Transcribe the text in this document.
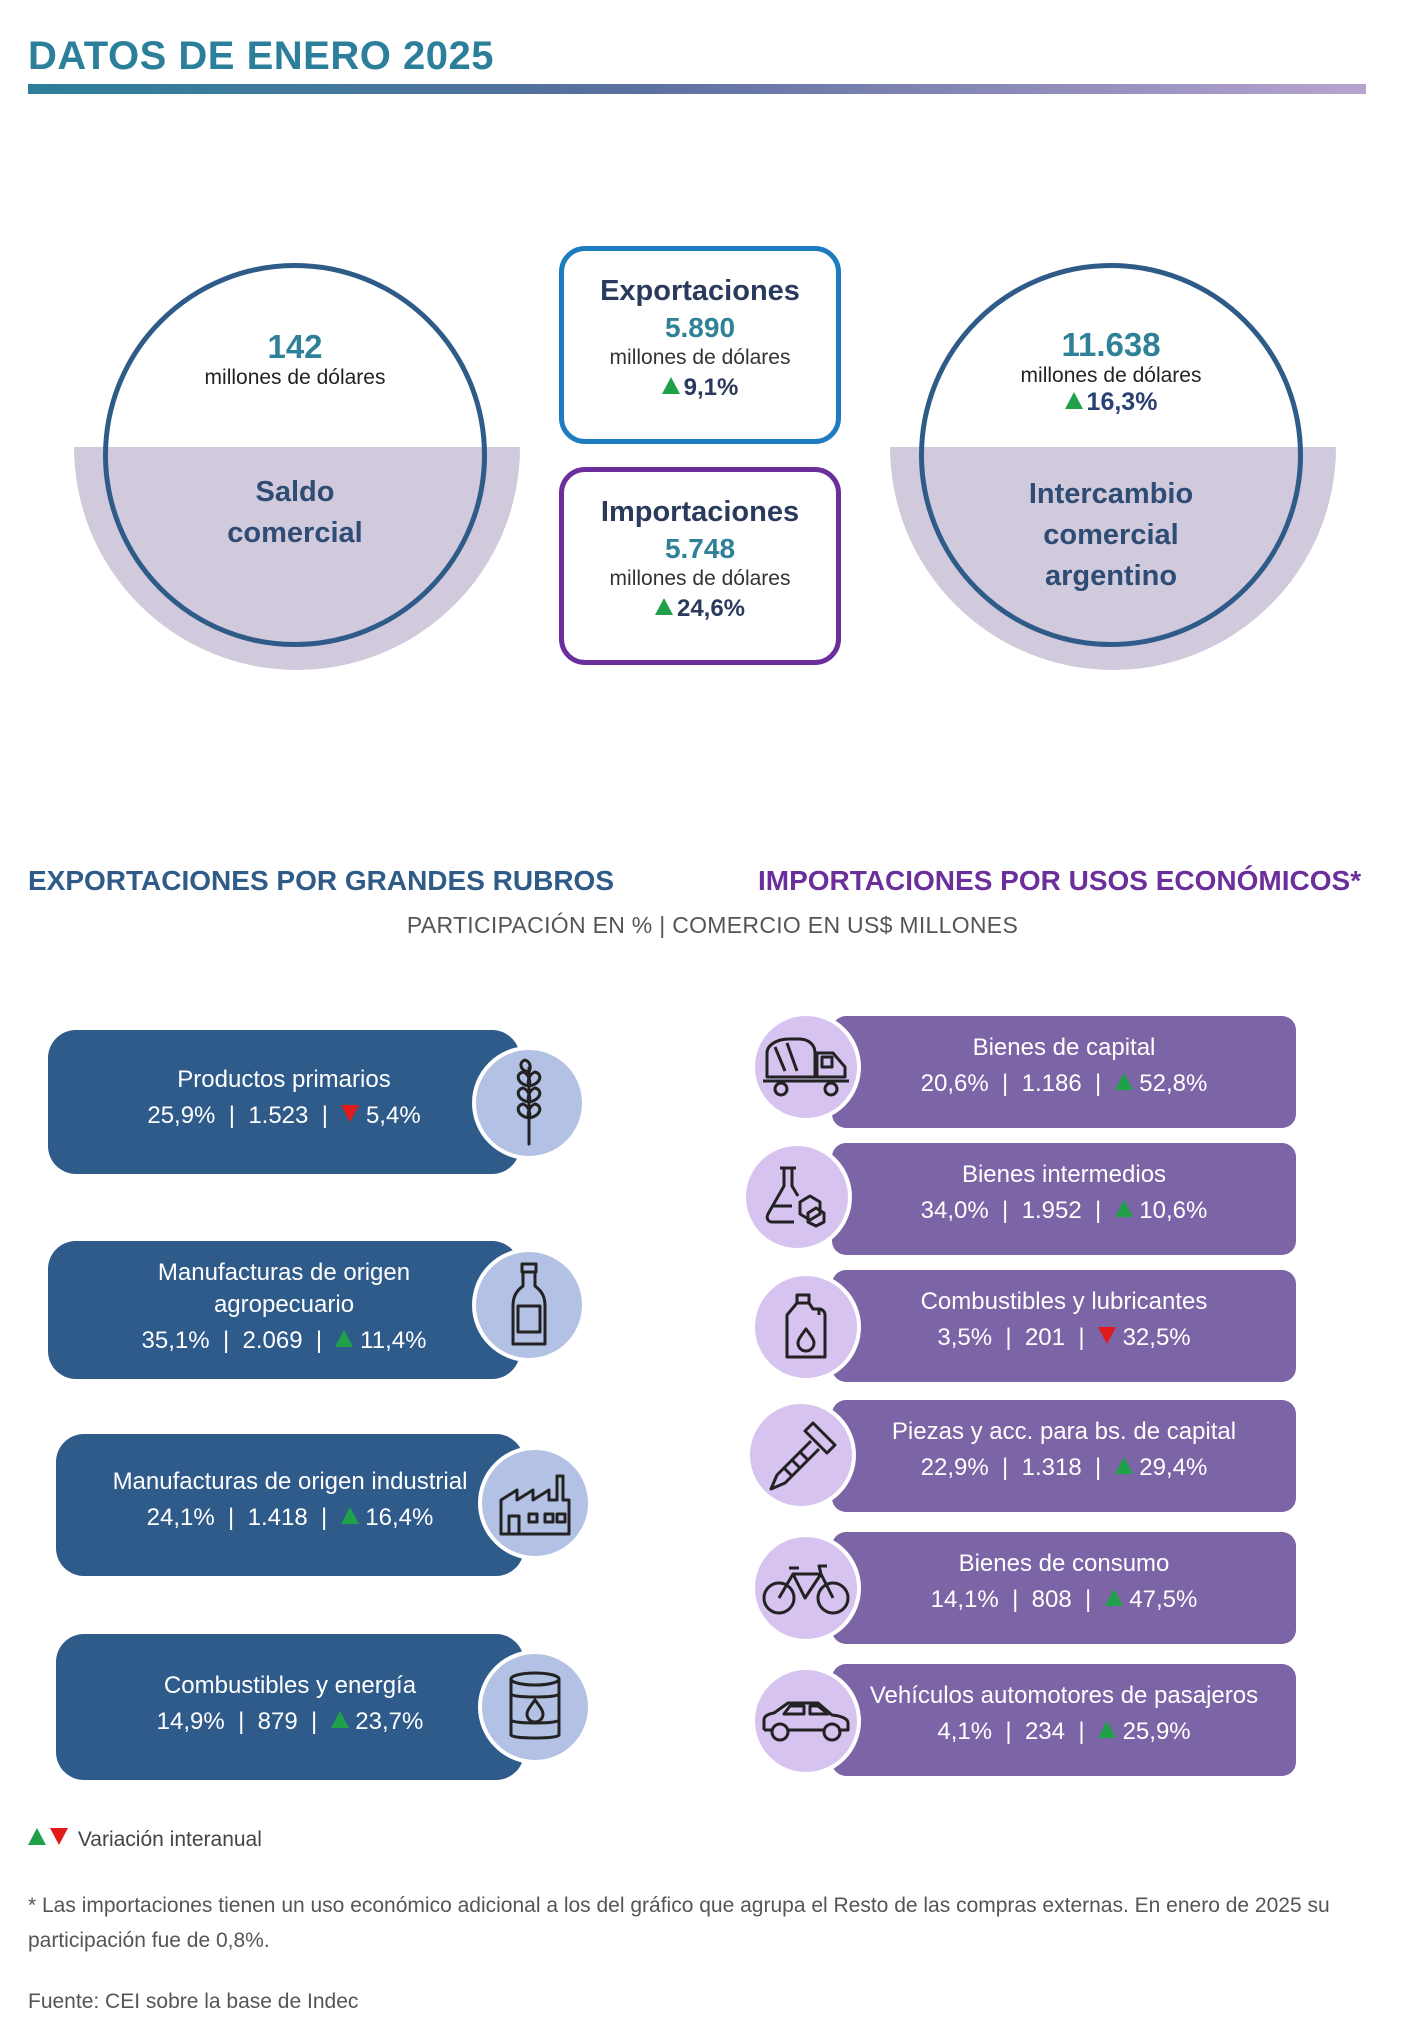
DATOS DE ENERO 2025
142
millones de dólares
Saldo
comercial
Exportaciones
5.890
millones de dólares
9,1%
Importaciones
5.748
millones de dólares
24,6%
11.638
millones de dólares
16,3%
Intercambio
comercial
argentino
EXPORTACIONES POR GRANDES RUBROS	IMPORTACIONES POR USOS ECONÓMICOS*
PARTICIPACIÓN EN % | COMERCIO EN US$ MILLONES
Productos primarios
25,9%  |  1.523  |   5,4%
Manufacturas de origen agropecuario
35,1%  |  2.069  |   11,4%
Manufacturas de origen industrial
24,1%  |  1.418  |   16,4%
Combustibles y energía
14,9%  |  879  |   23,7%
Bienes de capital
20,6%  |  1.186  |   52,8%
Bienes intermedios
34,0%  |  1.952  |   10,6%
Combustibles y lubricantes
3,5%  |  201  |   32,5%
Piezas y acc. para bs. de capital
22,9%  |  1.318  |   29,4%
Bienes de consumo
14,1%  |  808  |   47,5%
Vehículos automotores de pasajeros
4,1%  |  234  |   25,9%
Variación interanual
* Las importaciones tienen un uso económico adicional a los del gráfico que agrupa el Resto de las compras externas. En enero de 2025 su participación fue de 0,8%.
Fuente: CEI sobre la base de Indec
